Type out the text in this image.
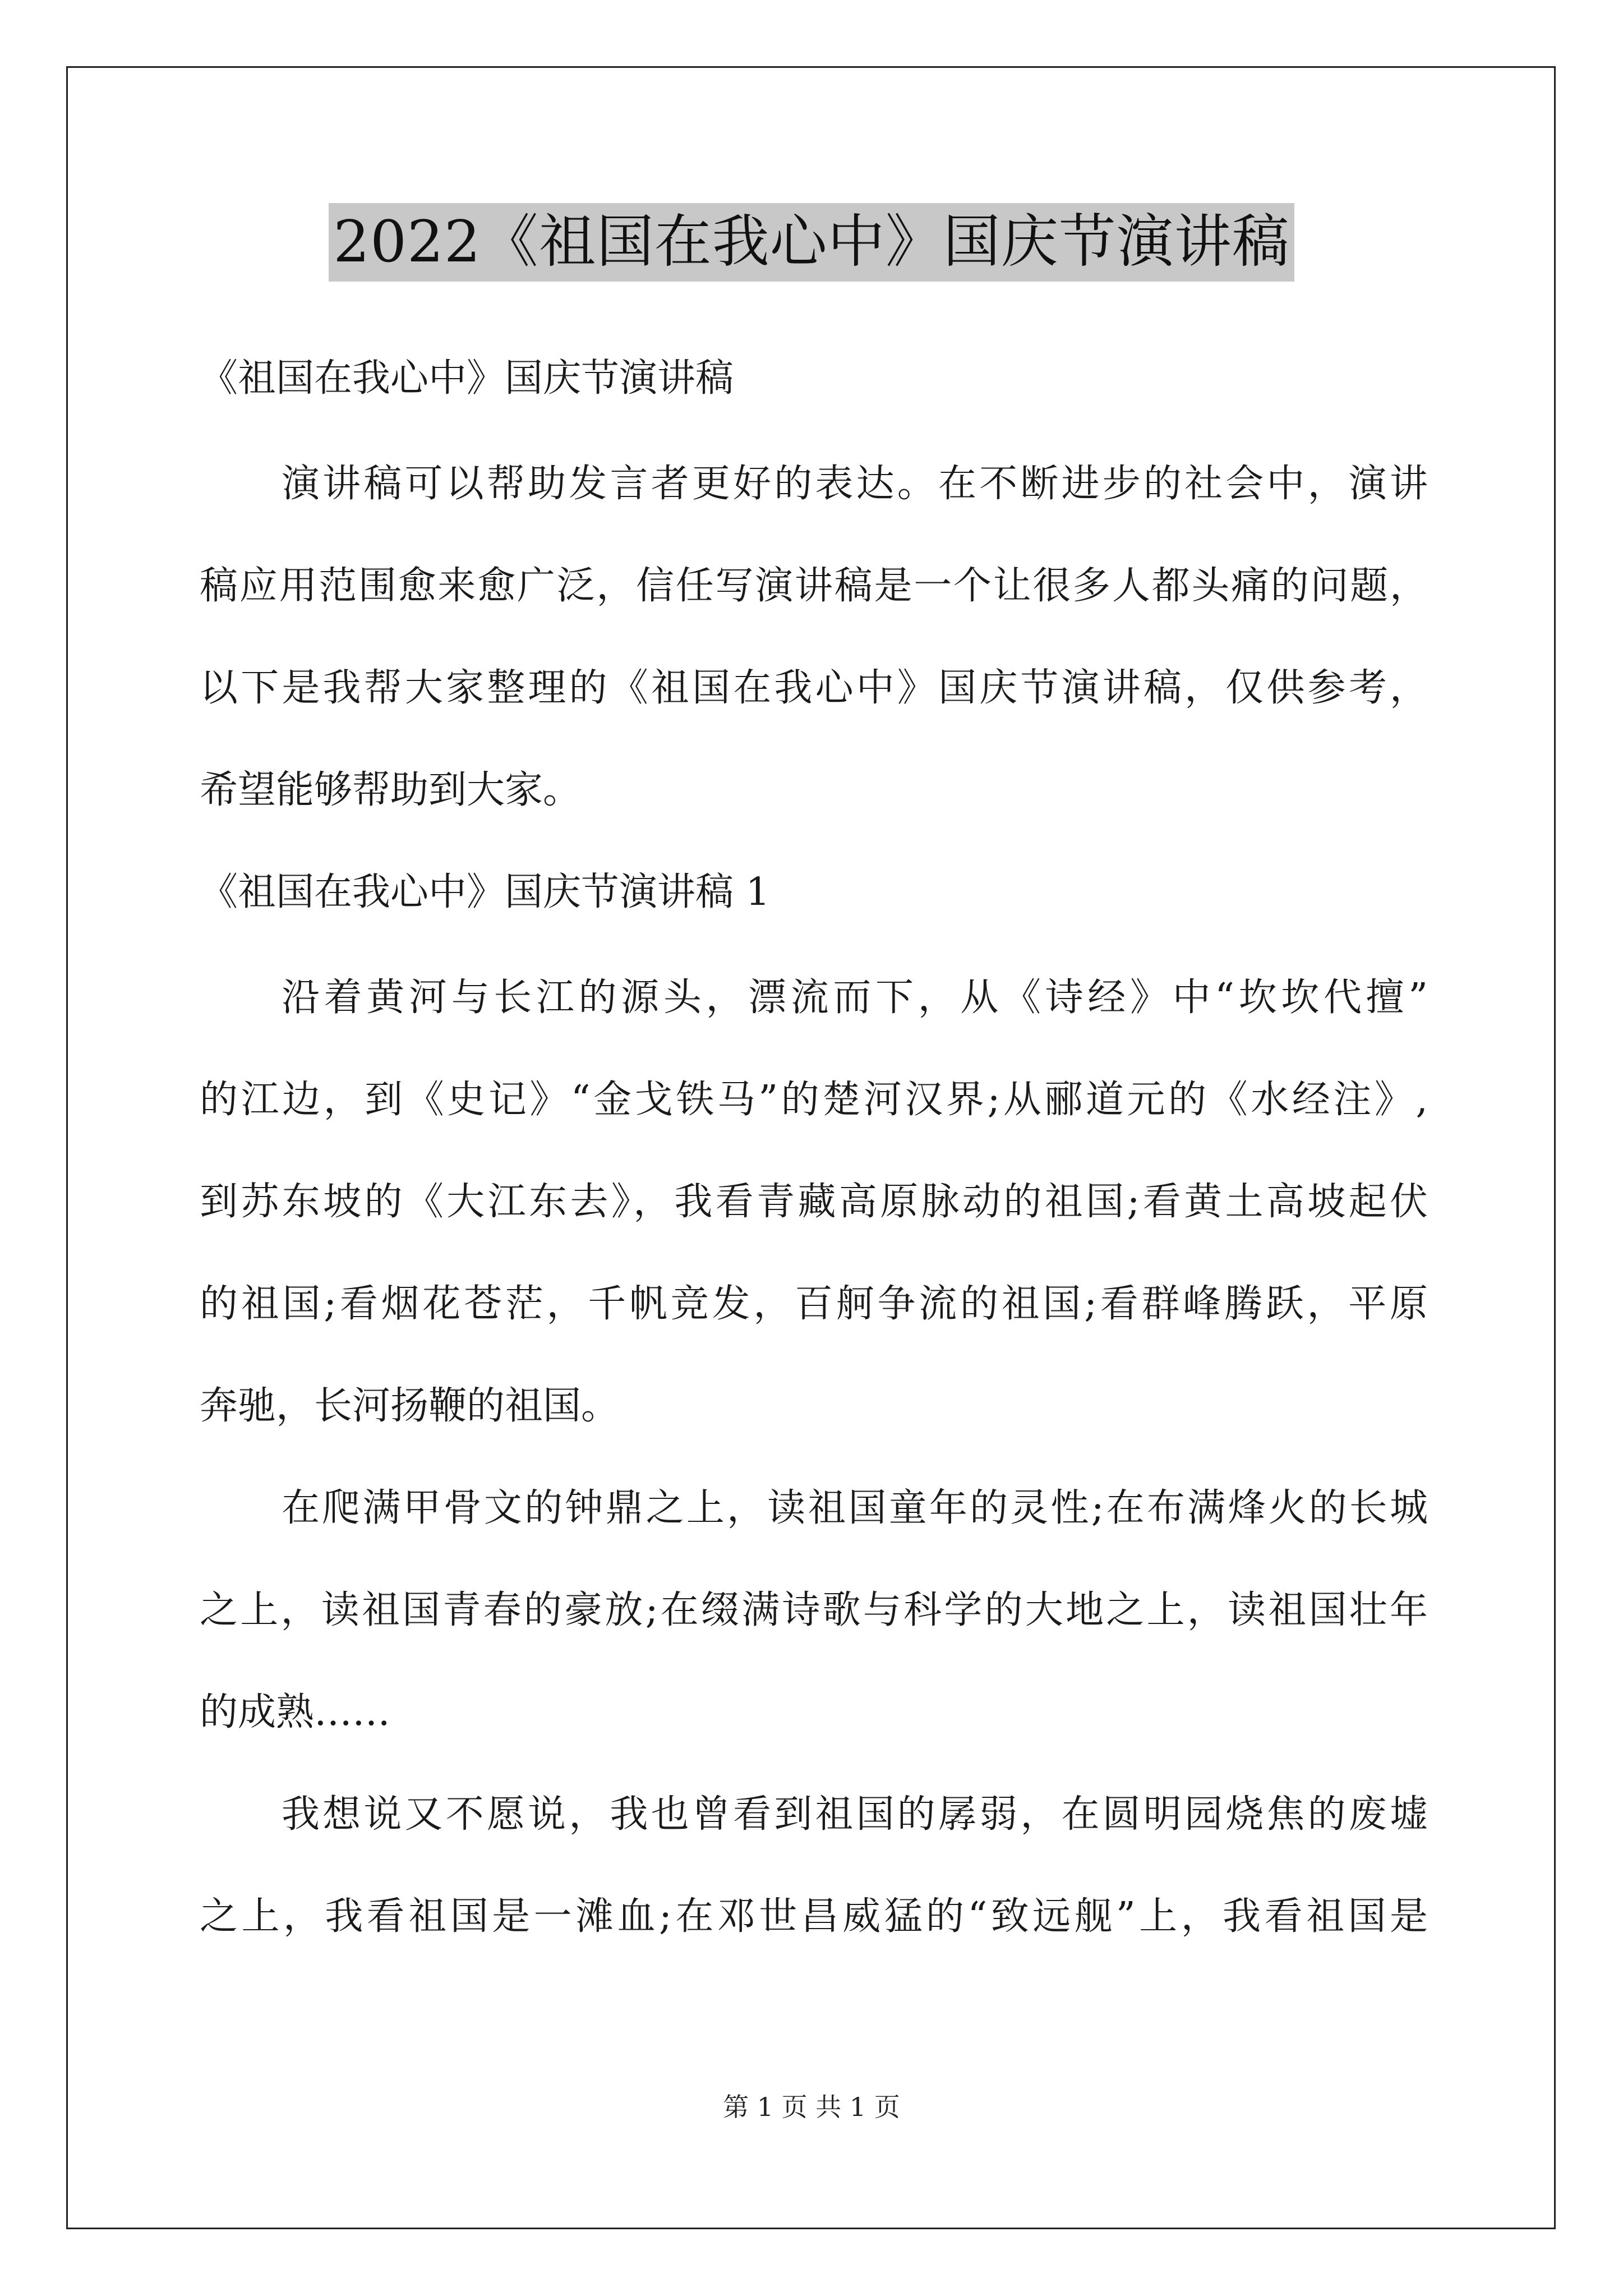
2022《祖国在我心中》国庆节演讲稿
《祖国在我心中》国庆节演讲稿
演讲稿可以帮助发言者更好的表达。在不断进步的社会中，演讲
稿应用范围愈来愈广泛，信任写演讲稿是一个让很多人都头痛的问题，
以下是我帮大家整理的《祖国在我心中》国庆节演讲稿，仅供参考，
希望能够帮助到大家。
《祖国在我心中》国庆节演讲稿 1
沿着黄河与长江的源头，漂流而下，从《诗经》中“坎坎代擅”
的江边，到《史记》“金戈铁马”的楚河汉界;从郦道元的《水经注》,
到苏东坡的《大江东去》，我看青藏高原脉动的祖国;看黄土高坡起伏
的祖国;看烟花苍茫，千帆竞发，百舸争流的祖国;看群峰腾跃，平原
奔驰，长河扬鞭的祖国。
在爬满甲骨文的钟鼎之上，读祖国童年的灵性;在布满烽火的长城
之上，读祖国青春的豪放;在缀满诗歌与科学的大地之上，读祖国壮年
的成熟……
我想说又不愿说，我也曾看到祖国的孱弱，在圆明园烧焦的废墟
之上，我看祖国是一滩血;在邓世昌威猛的“致远舰”上，我看祖国是
第 1 页 共 1 页
